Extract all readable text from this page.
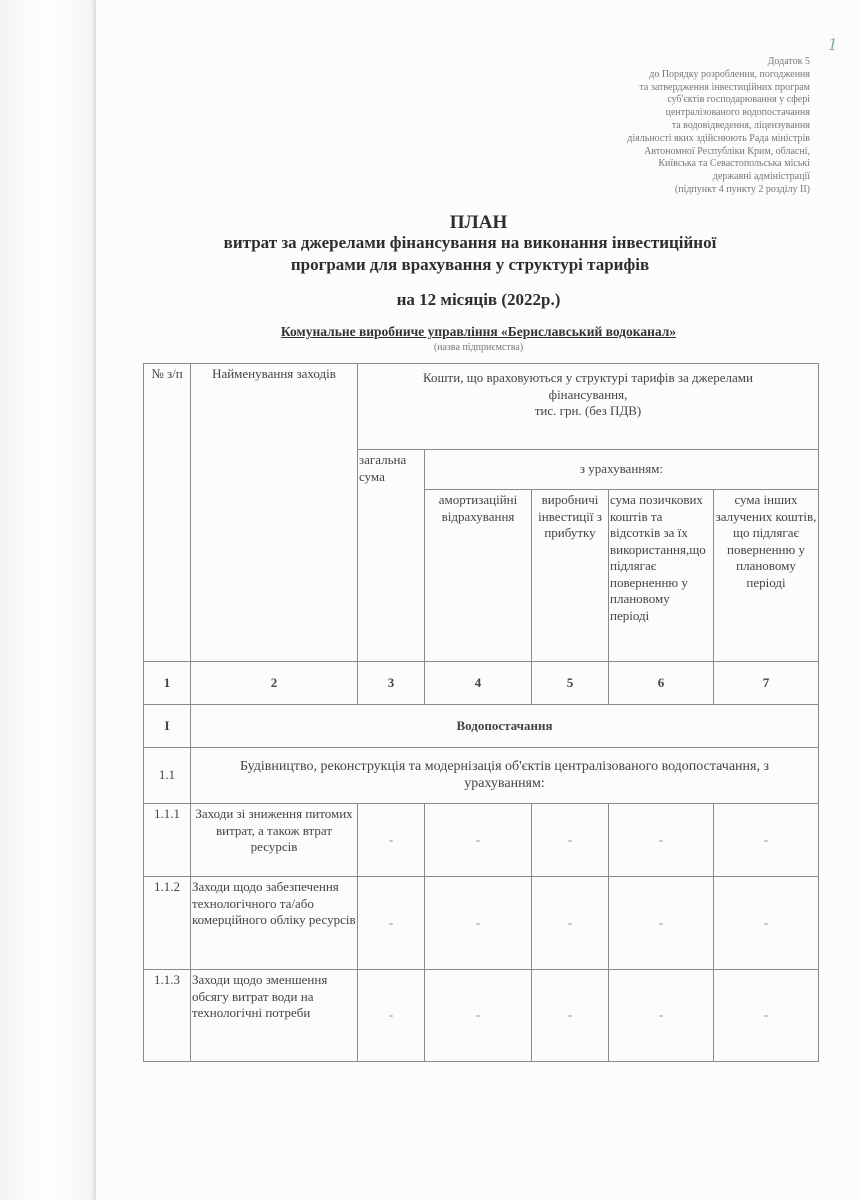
1
Додаток 5
до Порядку розроблення, погодження
та затвердження інвестиційних програм
суб'єктів господарювання у сфері
централізованого водопостачання
та водовідведення, ліцензування
діяльності яких здійснюють Рада міністрів
Автономної Республіки Крим, обласні,
Київська та Севастопольська міські
державні адміністрації
(підпункт 4 пункту 2 розділу II)
ПЛАН
витрат за джерелами фінансування на виконання інвестиційної
програми для врахування у структурі тарифів
на 12 місяців (2022р.)
Комунальне виробниче управління «Бериславський водоканал»
(назва підприємства)
№ з/п	Найменування заходів	Кошти, що враховуються у структурі тарифів за джерелами фінансування,
тис. грн. (без ПДВ)				

		загальна сума	з урахуванням:			
			амортизаційні відрахування	виробничі інвестиції з прибутку	сума позичкових коштів та відсотків за їх використання,що підлягає поверненню у плановому періоді	сума інших залучених коштів, що підлягає поверненню у плановому періоді
1	2	3	4	5	6	7
I	Водопостачання					
1.1	Будівництво, реконструкція та модернізація об'єктів централізованого водопостачання, з урахуванням:					
1.1.1	Заходи зі зниження питомих витрат, а також втрат ресурсів	-	-	-	-	-
1.1.2	Заходи щодо забезпечення технологічного та/або комерційного обліку ресурсів	-	-	-	-	-
1.1.3	Заходи щодо зменшення обсягу витрат води на технологічні потреби	-	-	-	-	-
